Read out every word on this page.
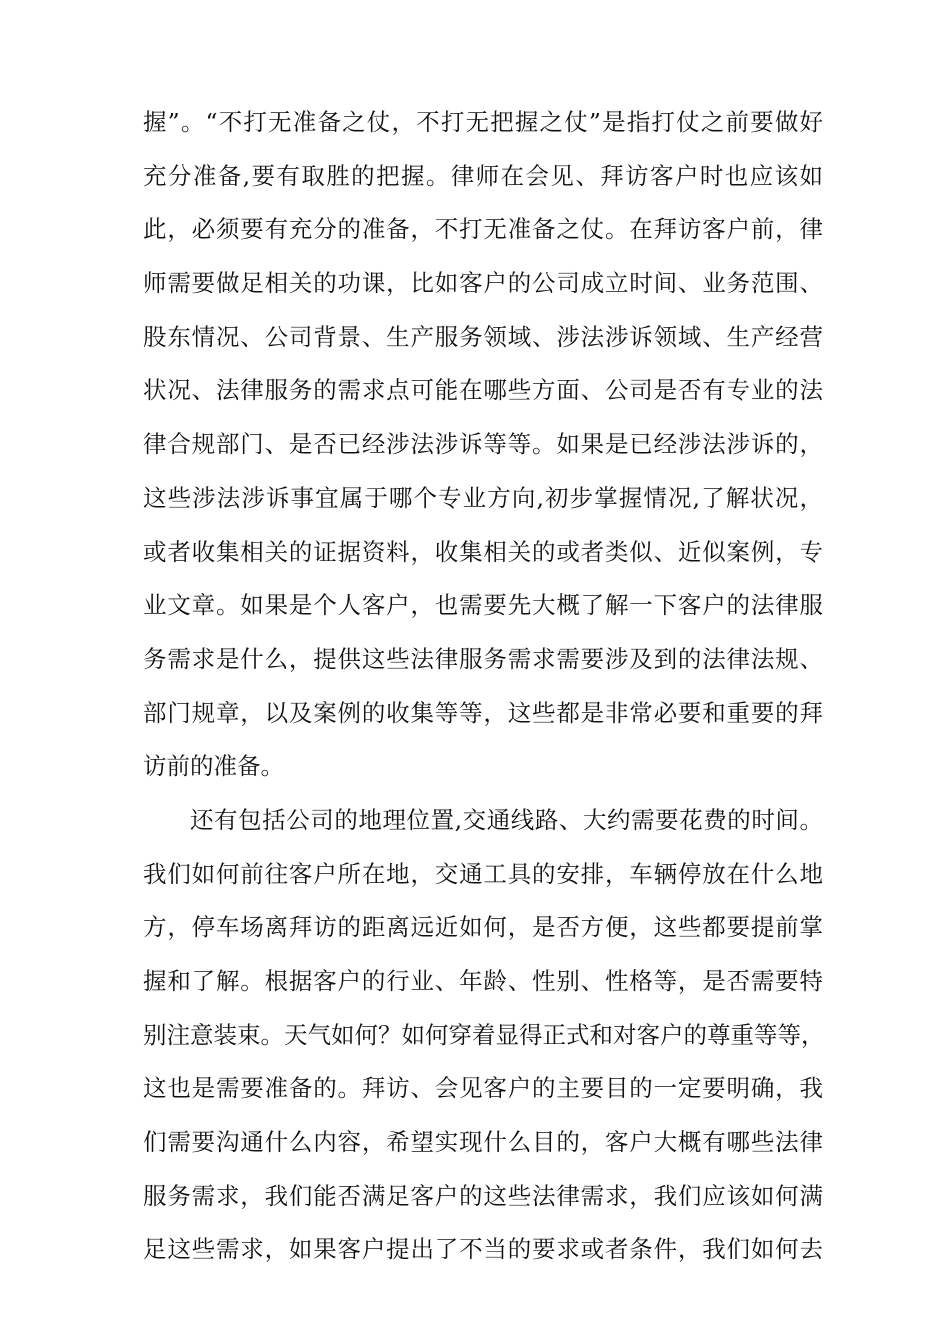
握”。“不打无准备之仗，不打无把握之仗”是指打仗之前要做好
充分准备,要有取胜的把握。律师在会见、拜访客户时也应该如
此，必须要有充分的准备，不打无准备之仗。在拜访客户前，律
师需要做足相关的功课，比如客户的公司成立时间、业务范围、
股东情况、公司背景、生产服务领域、涉法涉诉领域、生产经营
状况、法律服务的需求点可能在哪些方面、公司是否有专业的法
律合规部门、是否已经涉法涉诉等等。如果是已经涉法涉诉的，
这些涉法涉诉事宜属于哪个专业方向,初步掌握情况,了解状况，
或者收集相关的证据资料，收集相关的或者类似、近似案例，专
业文章。如果是个人客户，也需要先大概了解一下客户的法律服
务需求是什么，提供这些法律服务需求需要涉及到的法律法规、
部门规章，以及案例的收集等等，这些都是非常必要和重要的拜
访前的准备。
还有包括公司的地理位置,交通线路、大约需要花费的时间。
我们如何前往客户所在地，交通工具的安排，车辆停放在什么地
方，停车场离拜访的距离远近如何，是否方便，这些都要提前掌
握和了解。根据客户的行业、年龄、性别、性格等，是否需要特
别注意装束。天气如何？如何穿着显得正式和对客户的尊重等等，
这也是需要准备的。拜访、会见客户的主要目的一定要明确，我
们需要沟通什么内容，希望实现什么目的，客户大概有哪些法律
服务需求，我们能否满足客户的这些法律需求，我们应该如何满
足这些需求，如果客户提出了不当的要求或者条件，我们如何去
